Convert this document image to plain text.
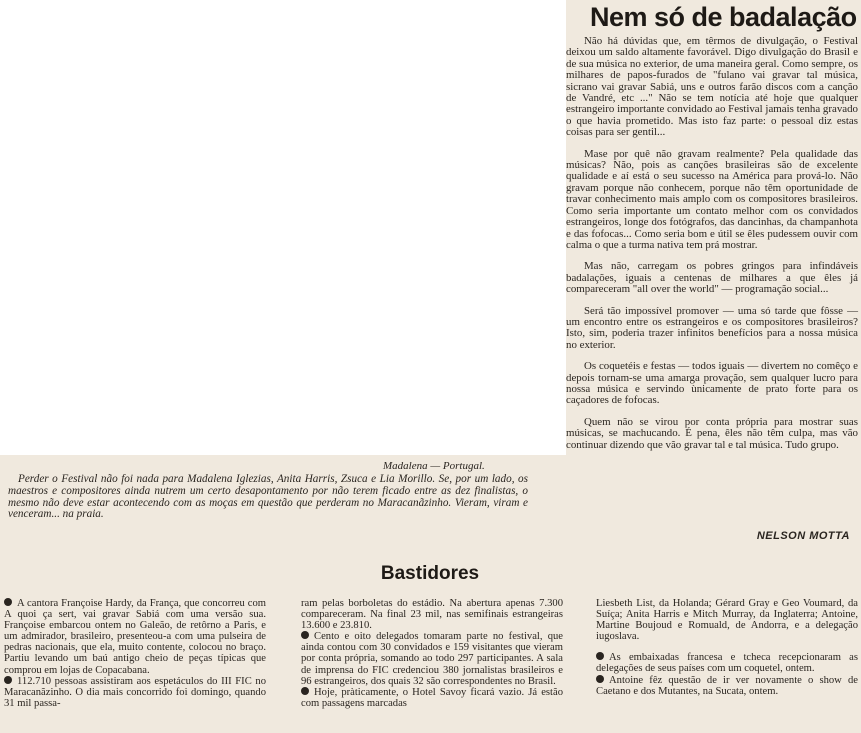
Nem só de badalação

Não há dúvidas que, em têrmos de divulgação, o Festival deixou um saldo altamente favorável. Digo divulgação do Brasil e de sua música no exterior, de uma maneira geral. Como sempre, os milhares de papos-furados de "fulano vai gravar tal música, sicrano vai gravar Sabiá, uns e outros farão discos com a canção de Vandré, etc ..." Não se tem notícia até hoje que qualquer estrangeiro importante convidado ao Festival jamais tenha gravado o que havia prometido. Mas isto faz parte: o pessoal diz estas coisas para ser gentil...

Mase por quê não gravam realmente? Pela qualidade das músicas? Não, pois as canções brasileiras são de excelente qualidade e aí está o seu sucesso na América para prová-lo. Não gravam porque não conhecem, porque não têm oportunidade de travar conhecimento mais amplo com os compositores brasileiros. Como seria importante um contato melhor com os convidados estrangeiros, longe dos fotógrafos, das dancinhas, da champanhota e das fofocas... Como seria bom e útil se êles pudessem ouvir com calma o que a turma nativa tem prá mostrar.

Mas não, carregam os pobres gringos para infindáveis badalações, iguais a centenas de milhares a que êles já compareceram "all over the world" — programação social...

Será tão impossível promover — uma só tarde que fôsse — um encontro entre os estrangeiros e os compositores brasileiros? Isto, sim, poderia trazer infinitos benefícios para a nossa música no exterior.

Os coquetéis e festas — todos iguais — divertem no comêço e depois tornam-se uma amarga provação, sem qualquer lucro para nossa música e servindo ùnicamente de prato forte para os caçadores de fofocas.

Quem não se virou por conta própria para mostrar suas músicas, se machucando. É pena, êles não têm culpa, mas vão continuar dizendo que vão gravar tal e tal música. Tudo grupo.

NELSON MOTTA
Madalena — Portugal.

Perder o Festival não foi nada para Madalena Iglezias, Anita Harris, Zsuca e Lia Morillo. Se, por um lado, os maestros e compositores ainda nutrem um certo desapontamento por não terem ficado entre as dez finalistas, o mesmo não deve estar acontecendo com as moças em questão que perderam no Maracanãzinho. Vieram, viram e venceram... na praia.

Bastidores

A cantora Françoise Hardy, da França, que concorreu com A quoi ça sert, vai gravar Sabiá com uma versão sua. Françoise embarcou ontem no Galeão, de retôrno a Paris, e um admirador, brasileiro, presenteou-a com uma pulseira de pedras nacionais, que ela, muito contente, colocou no braço. Partiu levando um baú antigo cheio de peças típicas que comprou em lojas de Copacabana.

112.710 pessoas assistiram aos espetáculos do III FIC no Maracanãzinho. O dia mais concorrido foi domingo, quando 31 mil passa-

ram pelas borboletas do estádio. Na abertura apenas 7.300 compareceram. Na final 23 mil, nas semifinais estrangeiras 13.600 e 23.810.

Cento e oito delegados tomaram parte no festival, que ainda contou com 30 convidados e 159 visitantes que vieram por conta própria, somando ao todo 297 participantes. A sala de imprensa do FIC credenciou 380 jornalistas brasileiros e 96 estrangeiros, dos quais 32 são correspondentes no Brasil.

Hoje, pràticamente, o Hotel Savoy ficará vazio. Já estão com passagens marcadas

Liesbeth List, da Holanda; Gérard Gray e Geo Voumard, da Suíça; Anita Harris e Mitch Murray, da Inglaterra; Antoine, Martine Boujoud e Romuald, de Andorra, e a delegação iugoslava.

As embaixadas francesa e tcheca recepcionaram as delegações de seus países com um coquetel, ontem.

Antoine fêz questão de ir ver novamente o show de Caetano e dos Mutantes, na Sucata, ontem.
